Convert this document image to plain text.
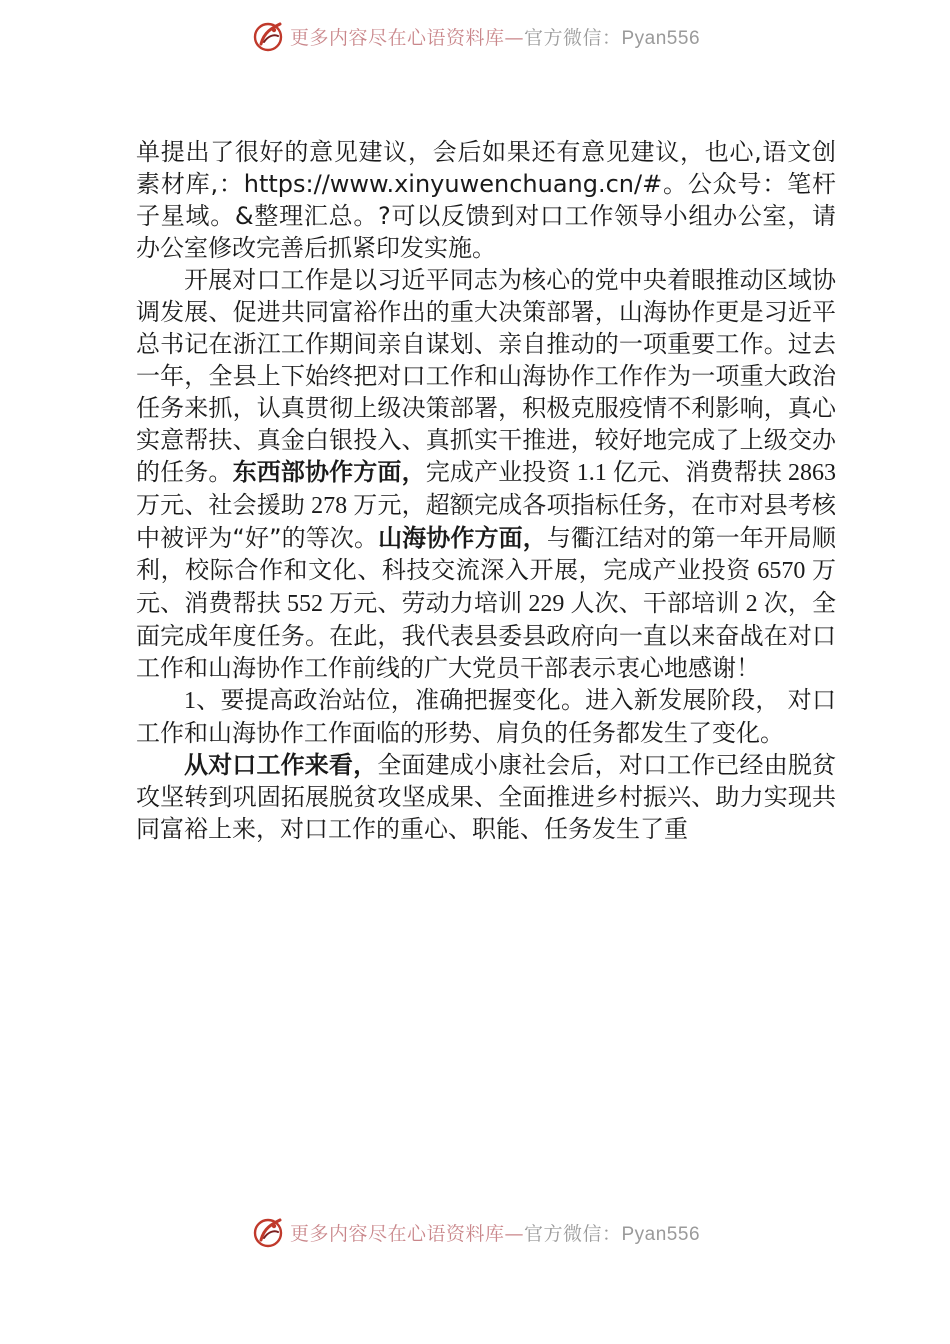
更多内容尽在心语资料库—官方微信：Pyan556

单提出了很好的意见建议，会后如果还有意见建议，也心,语文创素材库,：https://www.xinyuwenchuang.cn/#。公众号：笔杆子星域。&整理汇总。?可以反馈到对口工作领导小组办公室，请办公室修改完善后抓紧印发实施。

开展对口工作是以习近平同志为核心的党中央着眼推动区域协调发展、促进共同富裕作出的重大决策部署，山海协作更是习近平总书记在浙江工作期间亲自谋划、亲自推动的一项重要工作。过去一年，全县上下始终把对口工作和山海协作工作作为一项重大政治任务来抓，认真贯彻上级决策部署，积极克服疫情不利影响，真心实意帮扶、真金白银投入、真抓实干推进，较好地完成了上级交办的任务。东西部协作方面，完成产业投资 1.1 亿元、消费帮扶 2863 万元、社会援助 278 万元，超额完成各项指标任务，在市对县考核中被评为“好”的等次。山海协作方面，与衢江结对的第一年开局顺利，校际合作和文化、科技交流深入开展，完成产业投资 6570 万元、消费帮扶 552 万元、劳动力培训 229 人次、干部培训 2 次，全面完成年度任务。在此，我代表县委县政府向一直以来奋战在对口工作和山海协作工作前线的广大党员干部表示衷心地感谢！

1、要提高政治站位，准确把握变化。进入新发展阶段， 对口工作和山海协作工作面临的形势、肩负的任务都发生了变化。

从对口工作来看，全面建成小康社会后，对口工作已经由脱贫攻坚转到巩固拓展脱贫攻坚成果、全面推进乡村振兴、助力实现共同富裕上来，对口工作的重心、职能、任务发生了重

更多内容尽在心语资料库—官方微信：Pyan556
